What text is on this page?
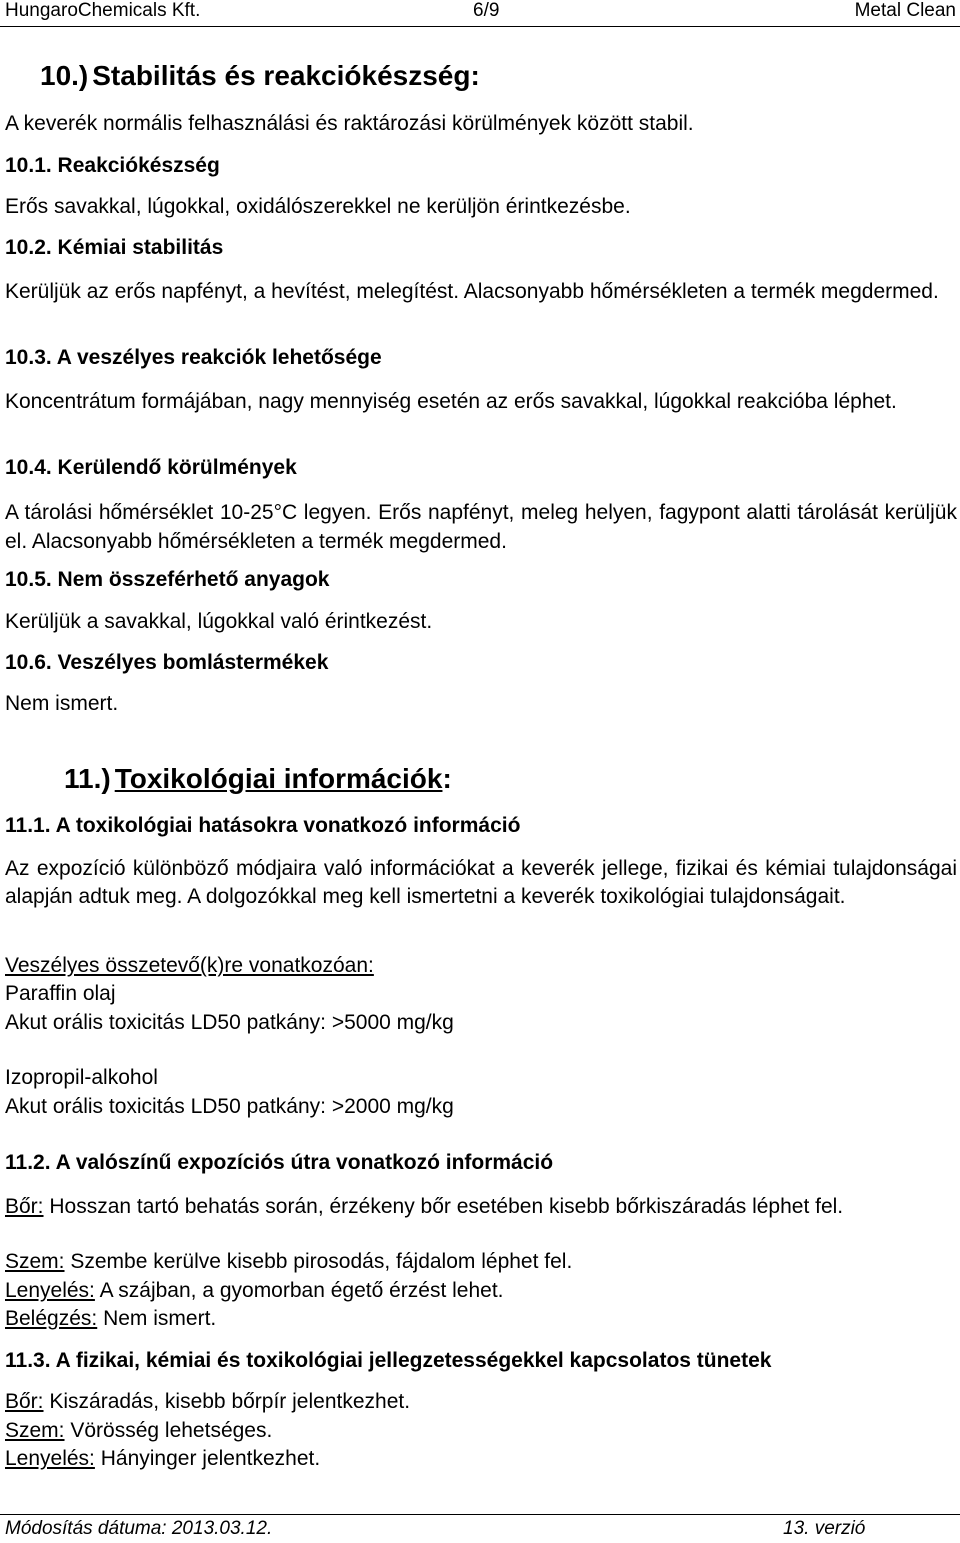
HungaroChemicals Kft.	6/9	Metal Clean
10.) Stabilitás és reakciókészség:
A keverék normális felhasználási és raktározási körülmények között stabil.
10.1. Reakciókészség
Erős savakkal, lúgokkal, oxidálószerekkel ne kerüljön érintkezésbe.
10.2. Kémiai stabilitás
Kerüljük az erős napfényt, a hevítést, melegítést. Alacsonyabb hőmérsékleten a termék megdermed.
10.3. A veszélyes reakciók lehetősége
Koncentrátum formájában, nagy mennyiség esetén az erős savakkal, lúgokkal reakcióba léphet.
10.4. Kerülendő körülmények
A tárolási hőmérséklet 10-25°C legyen. Erős napfényt, meleg helyen, fagypont alatti tárolását kerüljük el. Alacsonyabb hőmérsékleten a termék megdermed.
10.5. Nem összeférhető anyagok
Kerüljük a savakkal, lúgokkal való érintkezést.
10.6. Veszélyes bomlástermékek
Nem ismert.
11.) Toxikológiai információk:
11.1. A toxikológiai hatásokra vonatkozó információ
Az expozíció különböző módjaira való információkat a keverék jellege, fizikai és kémiai tulajdonságai alapján adtuk meg. A dolgozókkal meg kell ismertetni a keverék toxikológiai tulajdonságait.
Veszélyes összetevő(k)re vonatkozóan:
Paraffin olaj
Akut orális toxicitás LD50 patkány: >5000 mg/kg
Izopropil-alkohol
Akut orális toxicitás LD50 patkány: >2000 mg/kg
11.2. A valószínű expozíciós útra vonatkozó információ
Bőr: Hosszan tartó behatás során, érzékeny bőr esetében kisebb bőrkiszáradás léphet fel.
Szem: Szembe kerülve kisebb pirosodás, fájdalom léphet fel.
Lenyelés: A szájban, a gyomorban égető érzést lehet.
Belégzés: Nem ismert.
11.3. A fizikai, kémiai és toxikológiai jellegzetességekkel kapcsolatos tünetek
Bőr: Kiszáradás, kisebb bőrpír jelentkezhet.
Szem: Vörösség lehetséges.
Lenyelés: Hányinger jelentkezhet.
Módosítás dátuma: 2013.03.12.	13. verzió
